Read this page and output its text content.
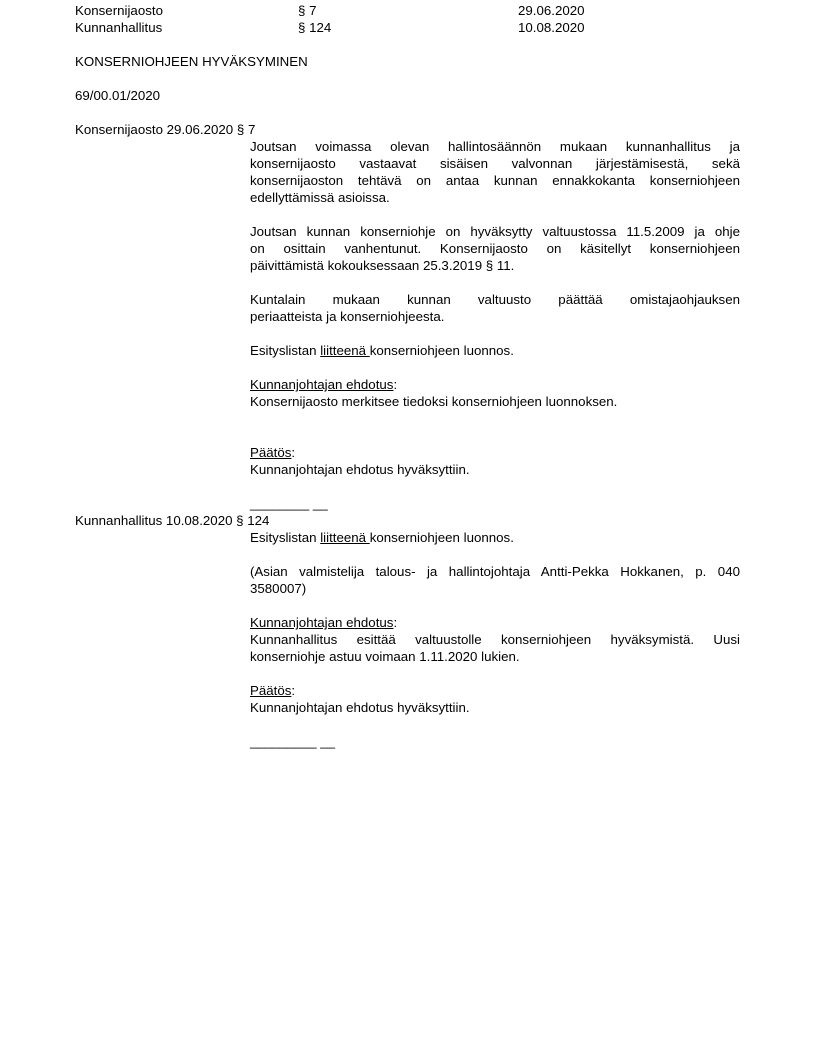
Konsernijaosto	§ 7	29.06.2020
Kunnanhallitus	§ 124	10.08.2020
KONSERNIOHJEEN HYVÄKSYMINEN
69/00.01/2020
Konsernijaosto 29.06.2020 § 7
Joutsan voimassa olevan hallintosäännön mukaan kunnanhallitus ja
konsernijaosto vastaavat sisäisen valvonnan järjestämisestä, sekä
konsernijaoston tehtävä on antaa kunnan ennakkokanta konserniohjeen
edellyttämissä asioissa.
Joutsan kunnan konserniohje on hyväksytty valtuustossa 11.5.2009 ja ohje
on osittain vanhentunut. Konsernijaosto on käsitellyt konserniohjeen
päivittämistä kokouksessaan 25.3.2019 § 11.
Kuntalain mukaan kunnan valtuusto päättää omistajaohjauksen
periaatteista ja konserniohjeesta.
Esityslistan liitteenä konserniohjeen luonnos.
Kunnanjohtajan ehdotus:
Konsernijaosto merkitsee tiedoksi konserniohjeen luonnoksen.
Päätös:
Kunnanjohtajan ehdotus hyväksyttiin.
________ __
Kunnanhallitus 10.08.2020 § 124
Esityslistan liitteenä konserniohjeen luonnos.
(Asian valmistelija talous- ja hallintojohtaja Antti-Pekka Hokkanen, p. 040
3580007)
Kunnanjohtajan ehdotus:
Kunnanhallitus esittää valtuustolle konserniohjeen hyväksymistä. Uusi
konserniohje astuu voimaan 1.11.2020 lukien.
Päätös:
Kunnanjohtajan ehdotus hyväksyttiin.
_________ __
